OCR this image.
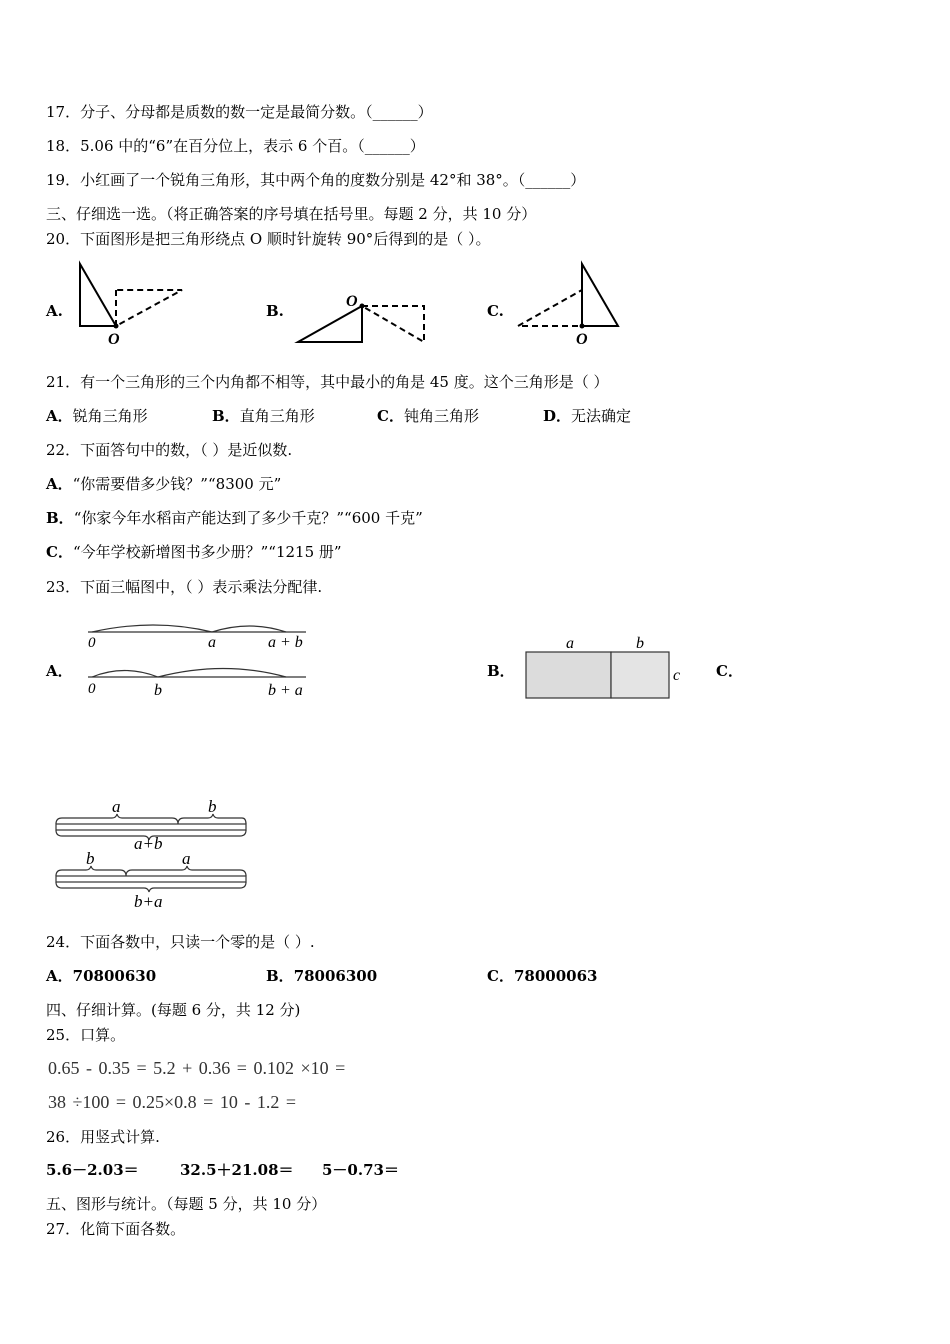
17．分子、分母都是质数的数一定是最简分数。（______）
18．5.06 中的“6”在百分位上，表示 6 个百。（______）
19．小红画了一个锐角三角形，其中两个角的度数分别是 42°和 38°。（______）
三、仔细选一选。（将正确答案的序号填在括号里。每题 2 分，共 10 分）
20．下面图形是把三角形绕点 O 顺时针旋转 90°后得到的是（ ）。
A.	B.	C.
O
O
O
21．有一个三角形的三个内角都不相等，其中最小的角是 45 度。这个三角形是（ ）
A．锐角三角形	B．直角三角形	C．钝角三角形	D．无法确定
22．下面答句中的数，（ ）是近似数.
A．“你需要借多少钱？”“8300 元”
B．“你家今年水稻亩产能达到了多少千克？”“600 千克”
C．“今年学校新增图书多少册？”“1215 册”
23．下面三幅图中，（ ）表示乘法分配律.
A．	B．	C．
0	a	a + b
0	b	b + a
a	b
c
a	b
a+b
b	a
b+a
24．下面各数中，只读一个零的是（ ）.
A．70800630	B．78006300	C．78000063
四、仔细计算。(每题 6 分，共 12 分)
25．口算。
0.65 - 0.35 = 5.2 + 0.36 = 0.102 ×10 =
38 ÷100 = 0.25×0.8 = 10 - 1.2 =
26．用竖式计算.
5.6－2.03＝	32.5＋21.08＝ 5－0.73＝
五、图形与统计。（每题 5 分，共 10 分）
27．化简下面各数。
